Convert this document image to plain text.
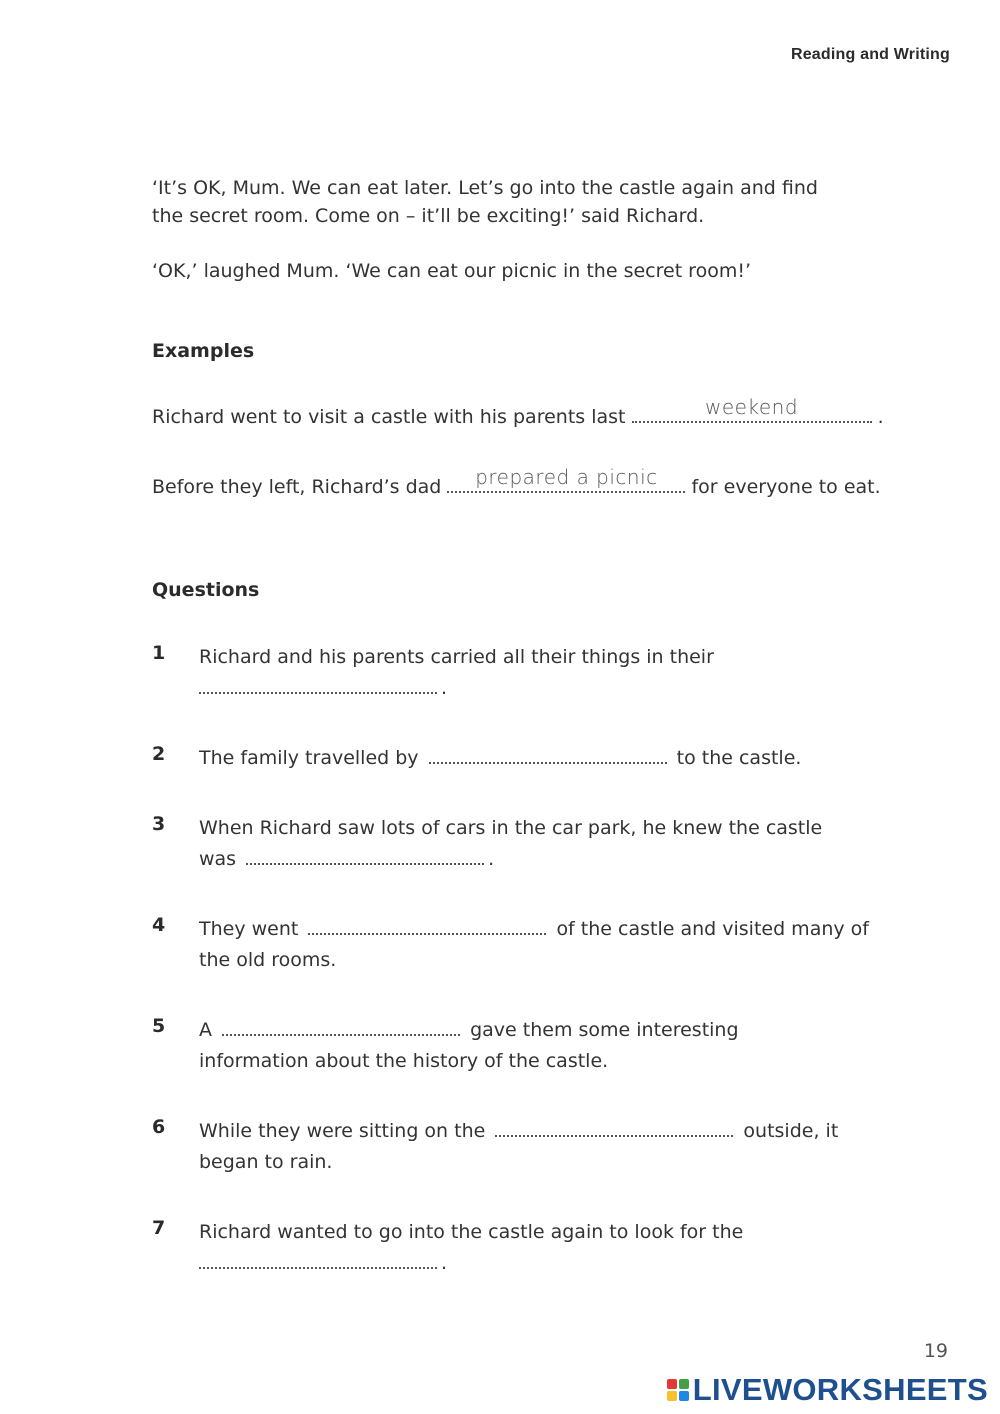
Reading and Writing
‘It’s OK, Mum. We can eat later. Let’s go into the castle again and find
the secret room. Come on – it’ll be exciting!’ said Richard.
‘OK,’ laughed Mum. ‘We can eat our picnic in the secret room!’
Examples
Richard went to visit a castle with his parents last	weekend	.
Before they left, Richard’s dad	prepared a picnic	for everyone to eat.
Questions
1 Richard and his parents carried all their things in their
.
2 The family travelled by	to the castle.
3 When Richard saw lots of cars in the car park, he knew the castle was	.
4 They went	of the castle and visited many of the old rooms.
5 A	gave them some interesting information about the history of the castle.
6 While they were sitting on the	outside, it began to rain.
7 Richard wanted to go into the castle again to look for the
.
19
LIVEWORKSHEETS
